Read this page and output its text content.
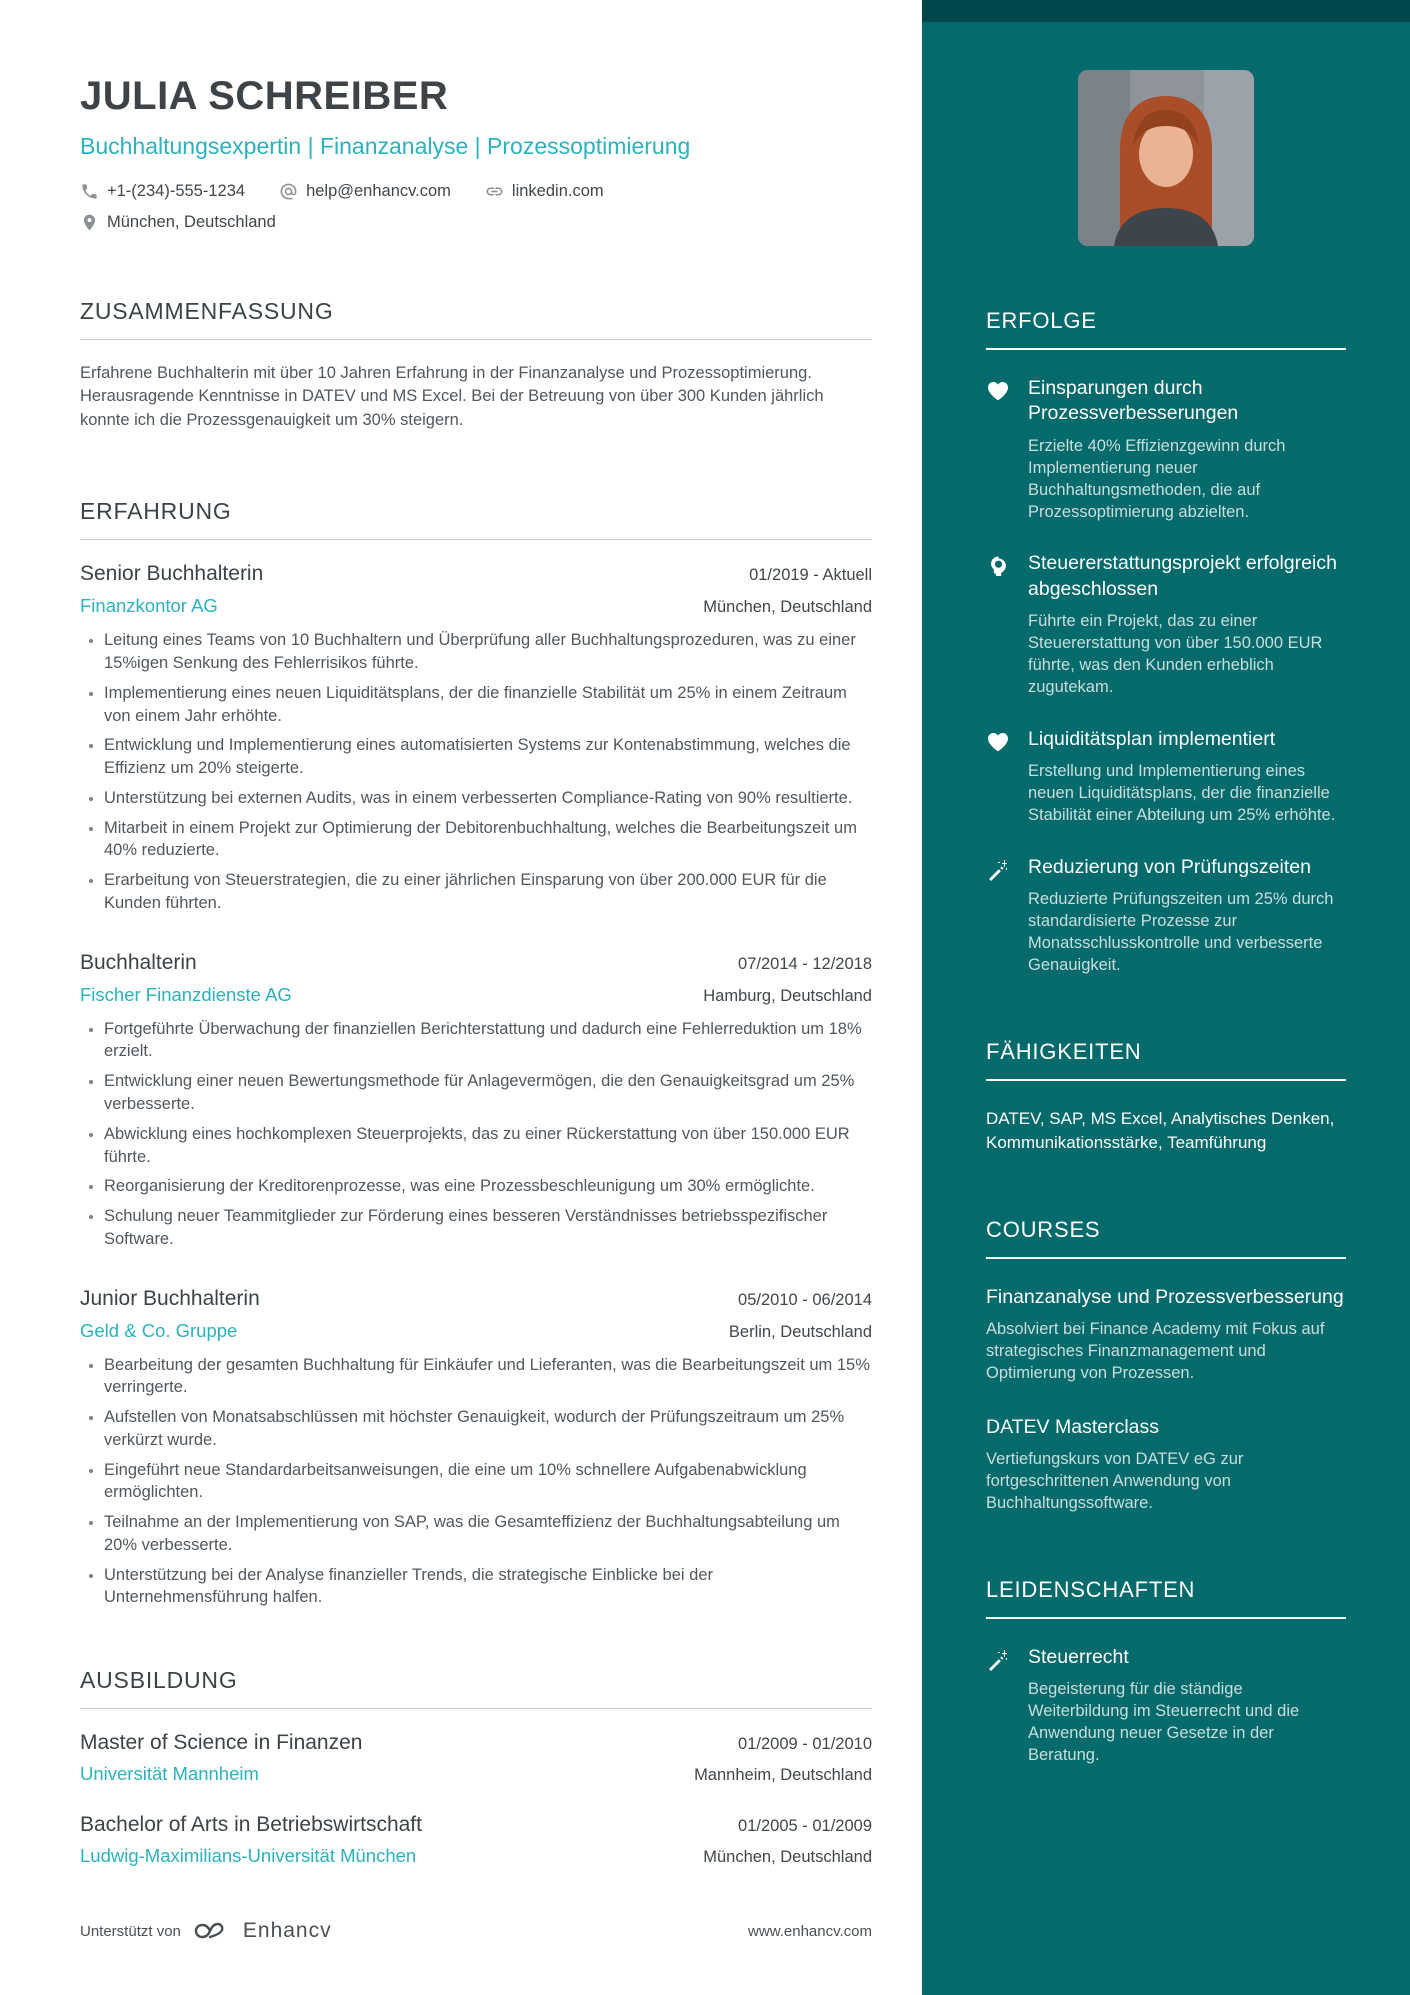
JULIA SCHREIBER
Buchhaltungsexpertin | Finanzanalyse | Prozessoptimierung
+1-(234)-555-1234	help@enhancv.com	linkedin.com
München, Deutschland
ZUSAMMENFASSUNG

Erfahrene Buchhalterin mit über 10 Jahren Erfahrung in der Finanzanalyse und Prozessoptimierung. Herausragende Kenntnisse in DATEV und MS Excel. Bei der Betreuung von über 300 Kunden jährlich konnte ich die Prozessgenauigkeit um 30% steigern.

ERFAHRUNG
Senior Buchhalterin	01/2019 - Aktuell
Finanzkontor AG	München, Deutschland
• Leitung eines Teams von 10 Buchhaltern und Überprüfung aller Buchhaltungsprozeduren, was zu einer 15%igen Senkung des Fehlerrisikos führte.
• Implementierung eines neuen Liquiditätsplans, der die finanzielle Stabilität um 25% in einem Zeitraum von einem Jahr erhöhte.
• Entwicklung und Implementierung eines automatisierten Systems zur Kontenabstimmung, welches die Effizienz um 20% steigerte.
• Unterstützung bei externen Audits, was in einem verbesserten Compliance-Rating von 90% resultierte.
• Mitarbeit in einem Projekt zur Optimierung der Debitorenbuchhaltung, welches die Bearbeitungszeit um 40% reduzierte.
• Erarbeitung von Steuerstrategien, die zu einer jährlichen Einsparung von über 200.000 EUR für die Kunden führten.
Buchhalterin	07/2014 - 12/2018
Fischer Finanzdienste AG	Hamburg, Deutschland
• Fortgeführte Überwachung der finanziellen Berichterstattung und dadurch eine Fehlerreduktion um 18% erzielt.
• Entwicklung einer neuen Bewertungsmethode für Anlagevermögen, die den Genauigkeitsgrad um 25% verbesserte.
• Abwicklung eines hochkomplexen Steuerprojekts, das zu einer Rückerstattung von über 150.000 EUR führte.
• Reorganisierung der Kreditorenprozesse, was eine Prozessbeschleunigung um 30% ermöglichte.
• Schulung neuer Teammitglieder zur Förderung eines besseren Verständnisses betriebsspezifischer Software.
Junior Buchhalterin	05/2010 - 06/2014
Geld & Co. Gruppe	Berlin, Deutschland
• Bearbeitung der gesamten Buchhaltung für Einkäufer und Lieferanten, was die Bearbeitungszeit um 15% verringerte.
• Aufstellen von Monatsabschlüssen mit höchster Genauigkeit, wodurch der Prüfungszeitraum um 25% verkürzt wurde.
• Eingeführt neue Standardarbeitsanweisungen, die eine um 10% schnellere Aufgabenabwicklung ermöglichten.
• Teilnahme an der Implementierung von SAP, was die Gesamteffizienz der Buchhaltungsabteilung um 20% verbesserte.
• Unterstützung bei der Analyse finanzieller Trends, die strategische Einblicke bei der Unternehmensführung halfen.
AUSBILDUNG
Master of Science in Finanzen	01/2009 - 01/2010
Universität Mannheim	Mannheim, Deutschland
Bachelor of Arts in Betriebswirtschaft	01/2005 - 01/2009
Ludwig-Maximilians-Universität München	München, Deutschland
Unterstützt von	Enhancv	www.enhancv.com
ERFOLGE

Einsparungen durch Prozessverbesserungen

Erzielte 40% Effizienzgewinn durch Implementierung neuer Buchhaltungsmethoden, die auf Prozessoptimierung abzielten.

Steuererstattungsprojekt erfolgreich abgeschlossen

Führte ein Projekt, das zu einer Steuererstattung von über 150.000 EUR führte, was den Kunden erheblich zugutekam.

Liquiditätsplan implementiert

Erstellung und Implementierung eines neuen Liquiditätsplans, der die finanzielle Stabilität einer Abteilung um 25% erhöhte.

Reduzierung von Prüfungszeiten

Reduzierte Prüfungszeiten um 25% durch standardisierte Prozesse zur Monatsschlusskontrolle und verbesserte Genauigkeit.

FÄHIGKEITEN

DATEV, SAP, MS Excel, Analytisches Denken, Kommunikationsstärke, Teamführung

COURSES

Finanzanalyse und Prozessverbesserung

Absolviert bei Finance Academy mit Fokus auf strategisches Finanzmanagement und Optimierung von Prozessen.

DATEV Masterclass

Vertiefungskurs von DATEV eG zur fortgeschrittenen Anwendung von Buchhaltungssoftware.

LEIDENSCHAFTEN

Steuerrecht

Begeisterung für die ständige Weiterbildung im Steuerrecht und die Anwendung neuer Gesetze in der Beratung.
